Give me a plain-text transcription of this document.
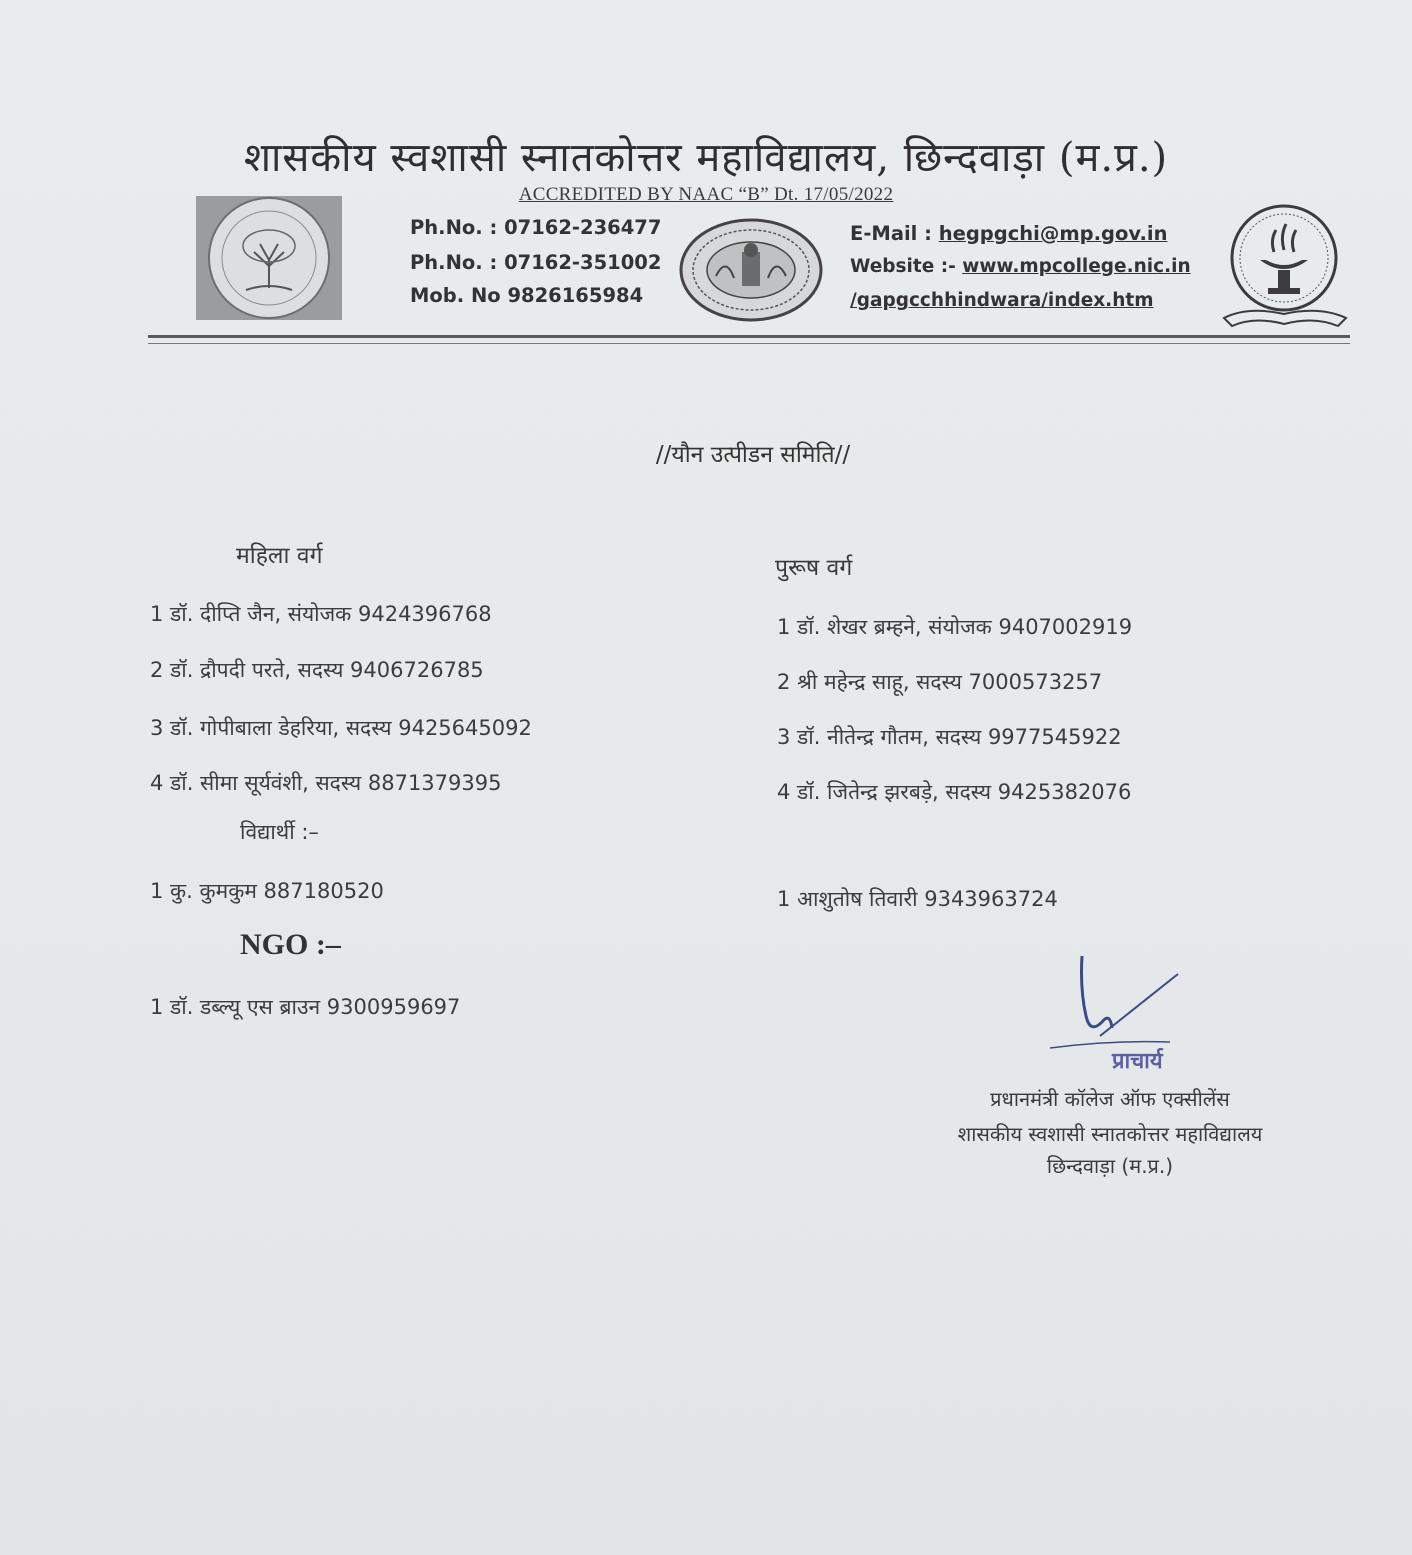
शासकीय स्वशासी स्नातकोत्तर महाविद्यालय, छिन्दवाड़ा (म.प्र.)
ACCREDITED BY NAAC “B” Dt. 17/05/2022
Ph.No. : 07162-236477
Ph.No. : 07162-351002
Mob. No 9826165984
E-Mail : hegpgchi@mp.gov.in
Website :- www.mpcollege.nic.in
/gapgcchhindwara/index.htm
//यौन उत्पीडन समिति//
महिला वर्ग
1 डॉ. दीप्ति जैन, संयोजक 9424396768
2 डॉ. द्रौपदी परते, सदस्य 9406726785
3 डॉ. गोपीबाला डेहरिया, सदस्य 9425645092
4 डॉ. सीमा सूर्यवंशी, सदस्य 8871379395
विद्यार्थी :–
1 कु. कुमकुम 887180520
NGO :–
1 डॉ. डब्ल्यू एस ब्राउन 9300959697
पुरूष वर्ग
1 डॉ. शेखर ब्रम्हने, संयोजक 9407002919
2 श्री महेन्द्र साहू, सदस्य 7000573257
3 डॉ. नीतेन्द्र गौतम, सदस्य 9977545922
4 डॉ. जितेन्द्र झरबड़े, सदस्य 9425382076
1 आशुतोष तिवारी 9343963724
प्राचार्य
प्रधानमंत्री कॉलेज ऑफ एक्सीलेंस
शासकीय स्वशासी स्नातकोत्तर महाविद्यालय
छिन्दवाड़ा (म.प्र.)
